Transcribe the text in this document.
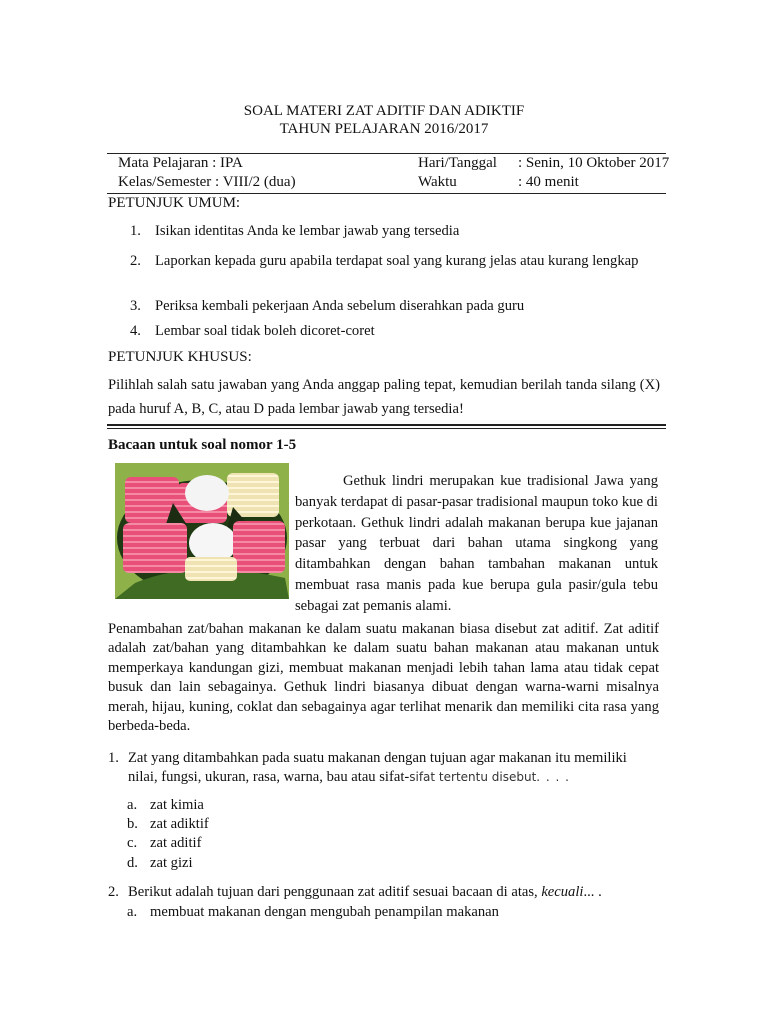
SOAL MATERI ZAT ADITIF DAN ADIKTIF
TAHUN PELAJARAN 2016/2017
Mata Pelajaran : IPA	Hari/Tanggal : Senin, 10 Oktober 2017
Kelas/Semester : VIII/2 (dua)	Waktu	: 40 menit
PETUNJUK UMUM:
1. Isikan identitas Anda ke lembar jawab yang tersedia
2. Laporkan kepada guru apabila terdapat soal yang kurang jelas atau kurang lengkap
3. Periksa kembali pekerjaan Anda sebelum diserahkan pada guru
4. Lembar soal tidak boleh dicoret-coret
PETUNJUK KHUSUS:
Pilihlah salah satu jawaban yang Anda anggap paling tepat, kemudian berilah tanda silang (X) pada huruf A, B, C, atau D pada lembar jawab yang tersedia!
Bacaan untuk soal nomor 1-5
Gethuk lindri merupakan kue tradisional Jawa yang banyak terdapat di pasar-pasar tradisional maupun toko kue di perkotaan. Gethuk lindri adalah makanan berupa kue jajanan pasar yang terbuat dari bahan utama singkong yang ditambahkan dengan bahan tambahan makanan untuk membuat rasa manis pada kue berupa gula pasir/gula tebu sebagai zat pemanis alami.
Penambahan zat/bahan makanan ke dalam suatu makanan biasa disebut zat aditif. Zat aditif adalah zat/bahan yang ditambahkan ke dalam suatu bahan makanan atau makanan untuk memperkaya kandungan gizi, membuat makanan menjadi lebih tahan lama atau tidak cepat busuk dan lain sebagainya. Gethuk lindri biasanya dibuat dengan warna-warni misalnya merah, hijau, kuning, coklat dan sebagainya agar terlihat menarik dan memiliki cita rasa yang berbeda-beda.
1. Zat yang ditambahkan pada suatu makanan dengan tujuan agar makanan itu memiliki nilai, fungsi, ukuran, rasa, warna, bau atau sifat-sifat tertentu disebut. . . .
a. zat kimia
b. zat adiktif
c. zat aditif
d. zat gizi
2. Berikut adalah tujuan dari penggunaan zat aditif sesuai bacaan di atas, kecuali... .
a. membuat makanan dengan mengubah penampilan makanan
